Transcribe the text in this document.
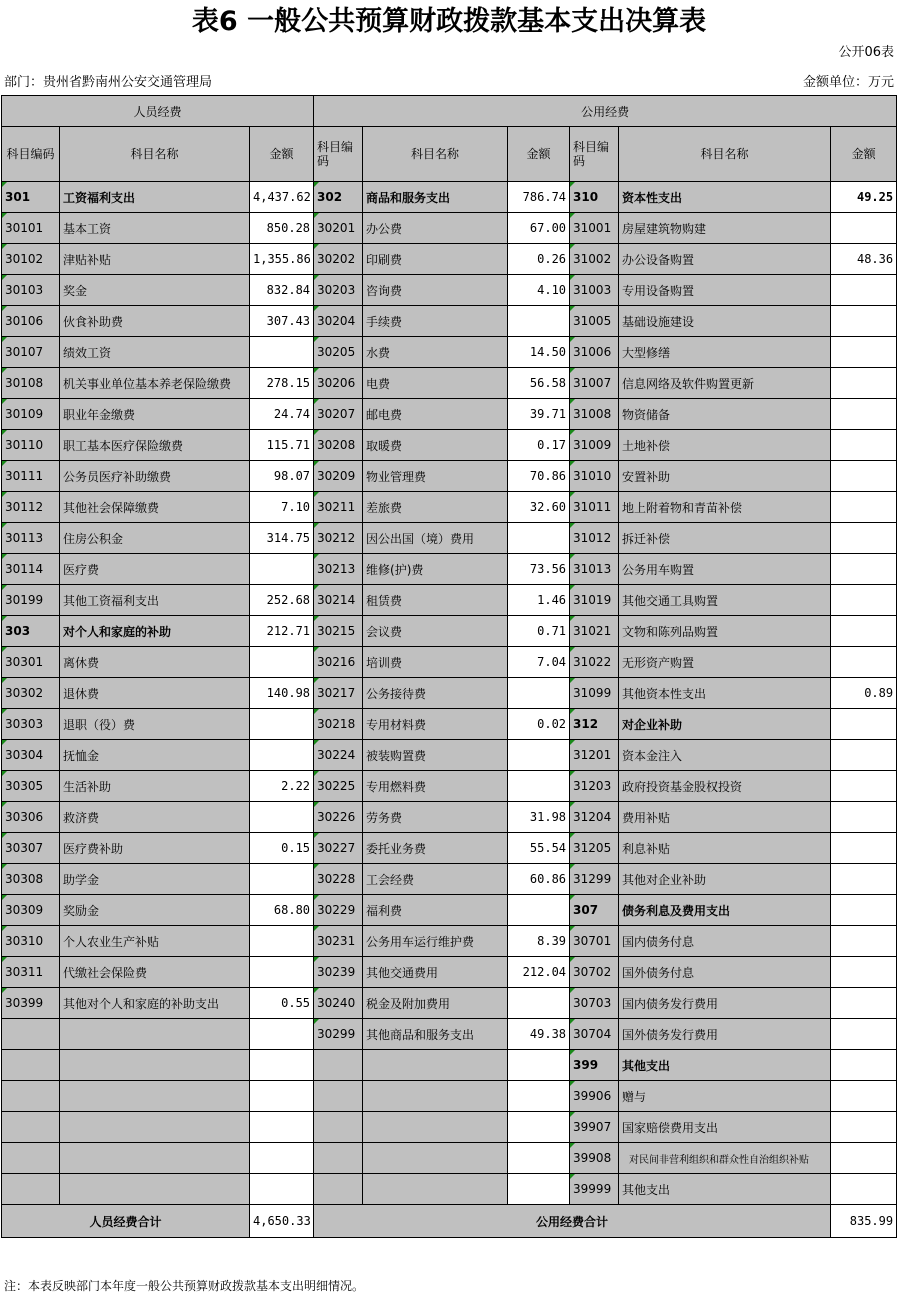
表6 一般公共预算财政拨款基本支出决算表
公开06表
部门：贵州省黔南州公安交通管理局	金额单位：万元
人员经费			公用经费					
科目编码	科目名称	金额	科目编码	科目名称	金额	科目编码	科目名称	金额
301	工资福利支出	4,437.62	302	商品和服务支出	786.74	310	资本性支出	49.25
30101	基本工资	850.28	30201	办公费	67.00	31001	房屋建筑物购建	
30102	津贴补贴	1,355.86	30202	印刷费	0.26	31002	办公设备购置	48.36
30103	奖金	832.84	30203	咨询费	4.10	31003	专用设备购置	
30106	伙食补助费	307.43	30204	手续费		31005	基础设施建设	
30107	绩效工资		30205	水费	14.50	31006	大型修缮	
30108	机关事业单位基本养老保险缴费	278.15	30206	电费	56.58	31007	信息网络及软件购置更新	
30109	职业年金缴费	24.74	30207	邮电费	39.71	31008	物资储备	
30110	职工基本医疗保险缴费	115.71	30208	取暖费	0.17	31009	土地补偿	
30111	公务员医疗补助缴费	98.07	30209	物业管理费	70.86	31010	安置补助	
30112	其他社会保障缴费	7.10	30211	差旅费	32.60	31011	地上附着物和青苗补偿	
30113	住房公积金	314.75	30212	因公出国（境）费用		31012	拆迁补偿	
30114	医疗费		30213	维修(护)费	73.56	31013	公务用车购置	
30199	其他工资福利支出	252.68	30214	租赁费	1.46	31019	其他交通工具购置	
303	对个人和家庭的补助	212.71	30215	会议费	0.71	31021	文物和陈列品购置	
30301	离休费		30216	培训费	7.04	31022	无形资产购置	
30302	退休费	140.98	30217	公务接待费		31099	其他资本性支出	0.89
30303	退职（役）费		30218	专用材料费	0.02	312	对企业补助	
30304	抚恤金		30224	被装购置费		31201	资本金注入	
30305	生活补助	2.22	30225	专用燃料费		31203	政府投资基金股权投资	
30306	救济费		30226	劳务费	31.98	31204	费用补贴	
30307	医疗费补助	0.15	30227	委托业务费	55.54	31205	利息补贴	
30308	助学金		30228	工会经费	60.86	31299	其他对企业补助	
30309	奖励金	68.80	30229	福利费		307	债务利息及费用支出	
30310	个人农业生产补贴		30231	公务用车运行维护费	8.39	30701	国内债务付息	
30311	代缴社会保险费		30239	其他交通费用	212.04	30702	国外债务付息	
30399	其他对个人和家庭的补助支出	0.55	30240	税金及附加费用		30703	国内债务发行费用	
			30299	其他商品和服务支出	49.38	30704	国外债务发行费用	
						399	其他支出	
						39906	赠与	
						39907	国家赔偿费用支出	
						39908	对民间非营利组织和群众性自治组织补贴	
						39999	其他支出	
人员经费合计		4,650.33	公用经费合计					835.99
注：本表反映部门本年度一般公共预算财政拨款基本支出明细情况。
